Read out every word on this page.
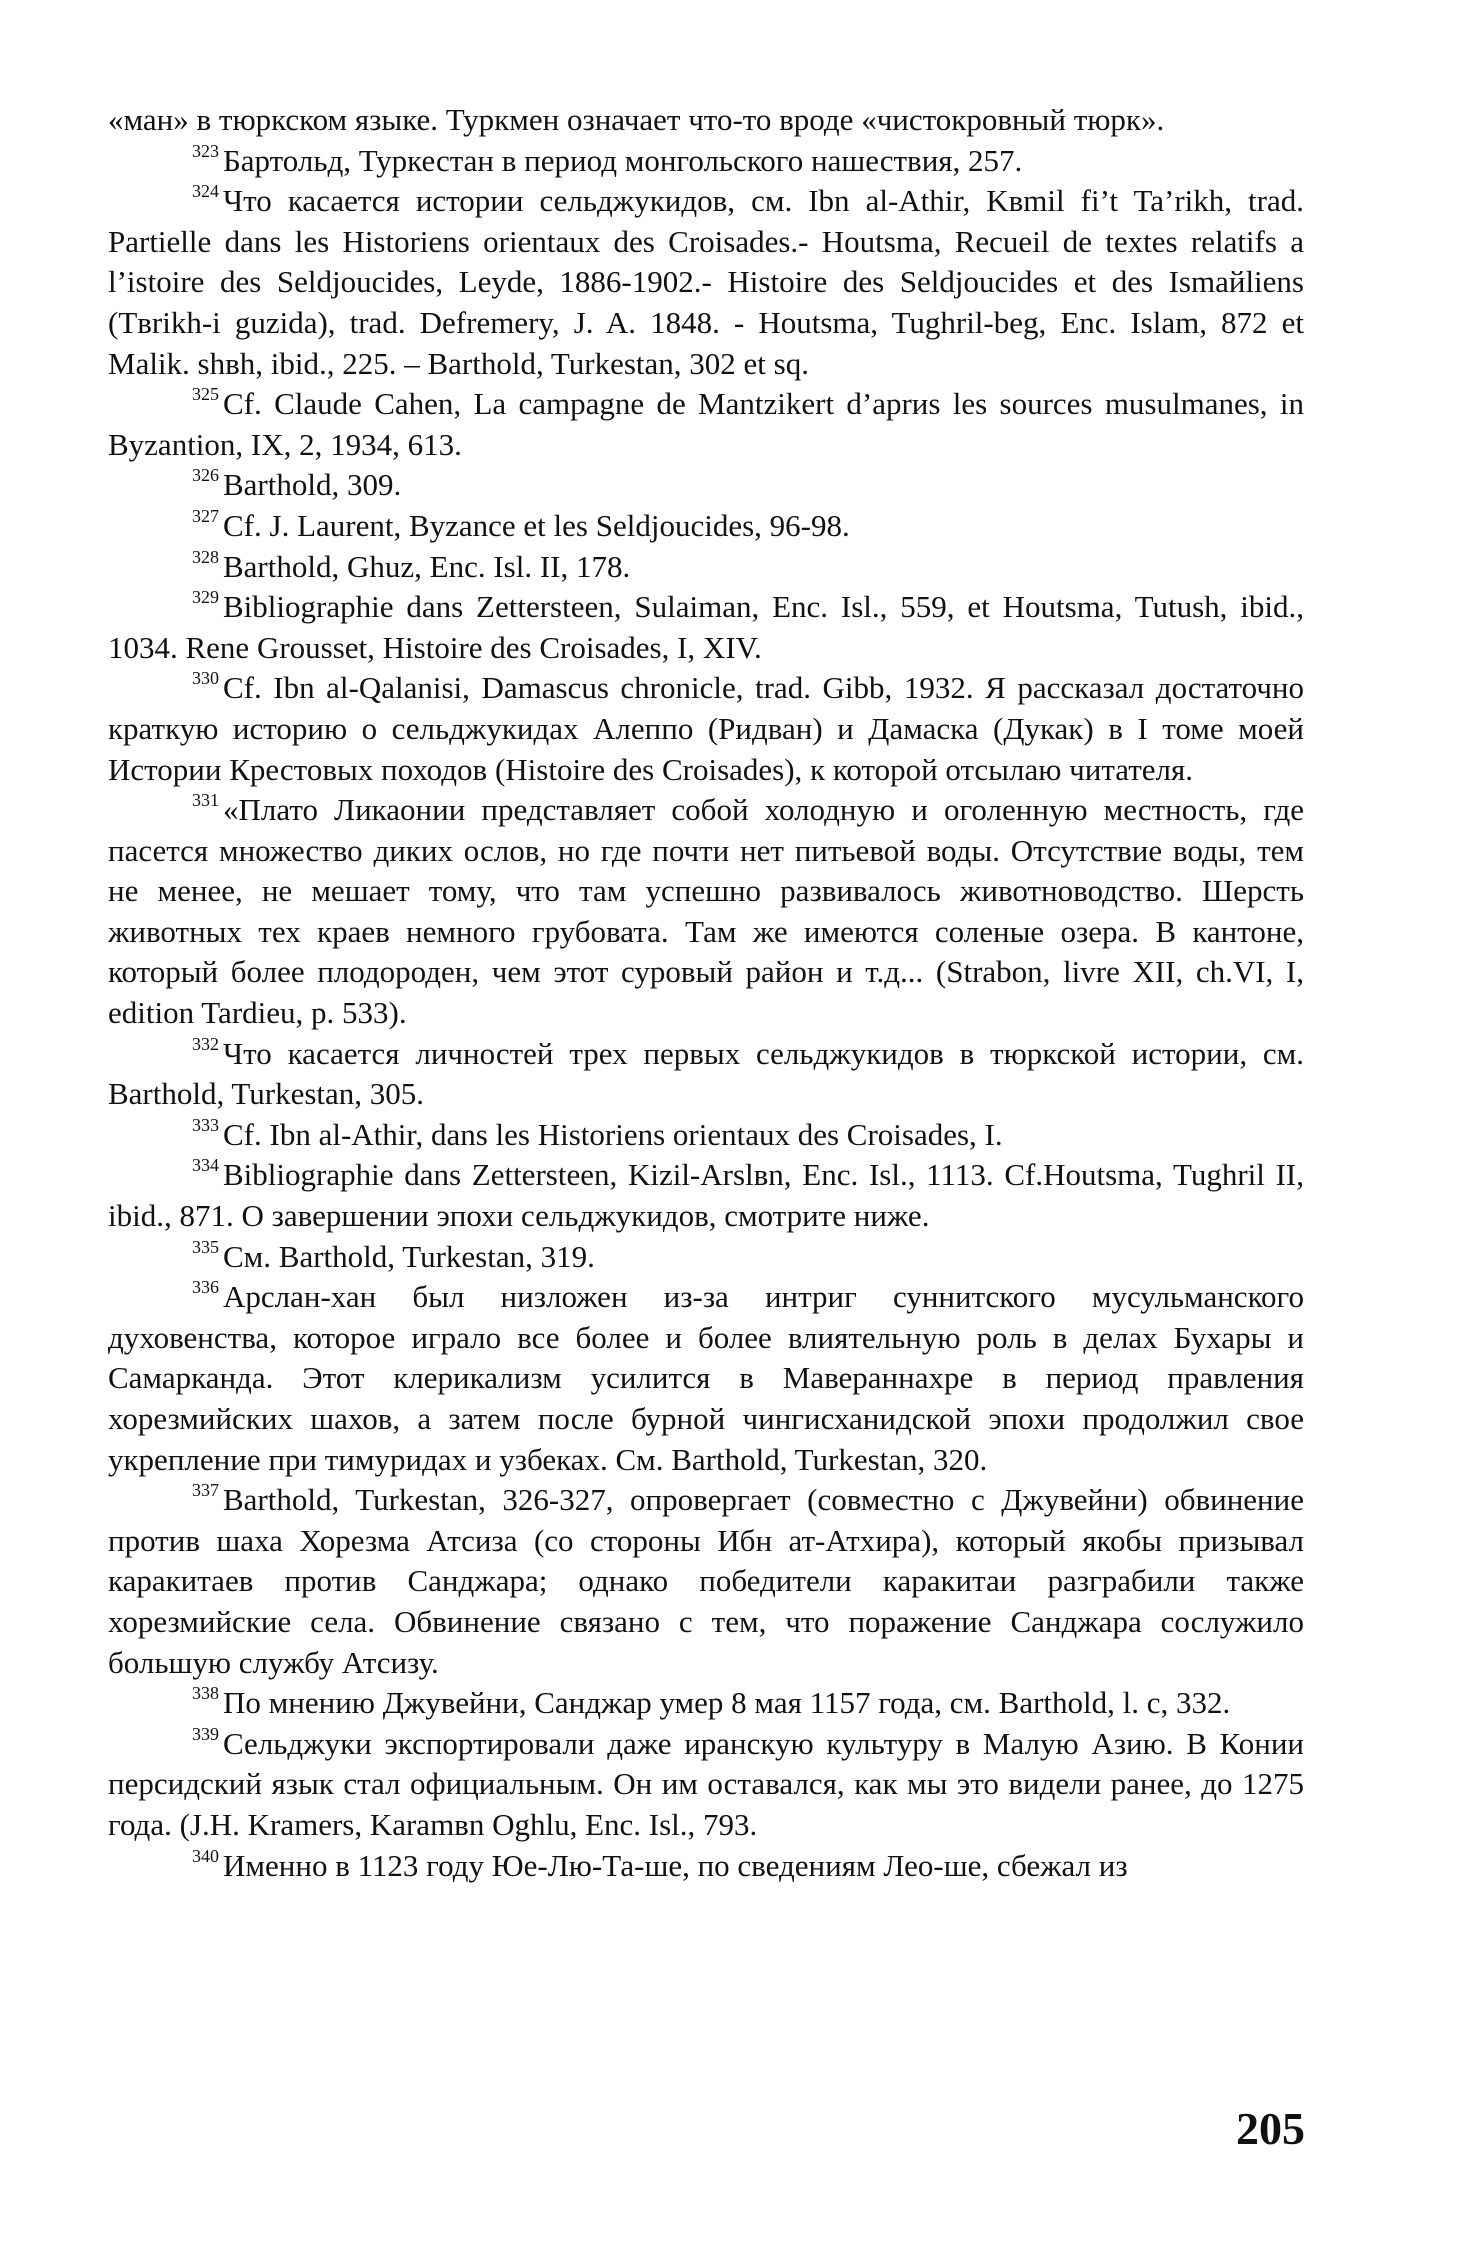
«ман» в тюркском языке. Туркмен означает что-то вроде «чистокровный тюрк».

$^{323}$ Бартольд, Туркестан в период монгольского нашествия, 257.

$^{324}$ Что касается истории сельджукидов, см. Ibn al-Athir, Kвmil fi’t Ta’rikh, trad. Partielle dans les Historiens orientaux des Croisades.- Houtsma, Recueil de textes relatifs a l’istoire des Seldjoucides, Leyde, 1886-1902.- Histoire des Seldjoucides et des Ismaйliens (Tвrikh-i guzida), trad. Defremery, J. A. 1848. - Houtsma, Tughril-beg, Enc. Islam, 872 et Malik. shвh, ibid., 225. – Barthold, Turkestan, 302 et sq.

$^{325}$ Cf. Claude Cahen, La campagne de Mantzikert d’aprиs les sources musulmanes, in Byzantion, IX, 2, 1934, 613.

$^{326}$ Barthold, 309.

$^{327}$ Cf. J. Laurent, Byzance et les Seldjoucides, 96-98.

$^{328}$ Barthold, Ghuz, Enc. Isl. II, 178.

$^{329}$ Bibliographie dans Zettersteen, Sulaiman, Enc. Isl., 559, et Houtsma, Tutush, ibid., 1034. Rene Grousset, Histoire des Croisades, I, XIV.

$^{330}$ Cf. Ibn al-Qalanisi, Damascus chronicle, trad. Gibb, 1932. Я рассказал достаточно краткую историю о сельджукидах Алеппо (Ридван) и Дамаска (Дукак) в I томе моей Истории Крестовых походов (Histoire des Croisades), к которой отсылаю читателя.

$^{331}$ «Плато Ликаонии представляет собой холодную и оголенную местность, где пасется множество диких ослов, но где почти нет питьевой воды. Отсутствие воды, тем не менее, не мешает тому, что там успешно развивалось животноводство. Шерсть животных тех краев немного грубовата. Там же имеются соленые озера. В кантоне, который более плодороден, чем этот суровый район и т.д... (Strabon, livre XII, ch.VI, I, edition Tardieu, p. 533).

$^{332}$ Что касается личностей трех первых сельджукидов в тюркской истории, см. Barthold, Turkestan, 305.

$^{333}$ Cf. Ibn al-Athir, dans les Historiens orientaux des Croisades, I.

$^{334}$ Bibliographie dans Zettersteen, Kizil-Arslвn, Enc. Isl., 1113. Cf.Houtsma, Tughril II, ibid., 871. О завершении эпохи сельджукидов, смотрите ниже.

$^{335}$ См. Barthold, Turkestan, 319.

$^{336}$ Арслан-хан был низложен из-за интриг суннитского мусульманского духовенства, которое играло все более и более влиятельную роль в делах Бухары и Самарканда. Этот клерикализм усилится в Мавераннахре в период правления хорезмийских шахов, а затем после бурной чингисханидской эпохи продолжил свое укрепление при тимуридах и узбеках. См. Barthold, Turkestan, 320.

$^{337}$ Barthold, Turkestan, 326-327, опровергает (совместно с Джувейни) обвинение против шаха Хорезма Атсиза (со стороны Ибн ат-Атхира), который якобы призывал каракитаев против Санджара; однако победители каракитаи разграбили также хорезмийские села. Обвинение связано с тем, что поражение Санджара сослужило большую службу Атсизу.

$^{338}$ По мнению Джувейни, Санджар умер 8 мая 1157 года, см. Barthold, l. c, 332.

$^{339}$ Сельджуки экспортировали даже иранскую культуру в Малую Азию. В Конии персидский язык стал официальным. Он им оставался, как мы это видели ранее, до 1275 года. (J.H. Kramers, Karamвn Oghlu, Enc. Isl., 793.

$^{340}$ Именно в 1123 году Юе-Лю-Та-ше, по сведениям Лео-ше, сбежал из

205
